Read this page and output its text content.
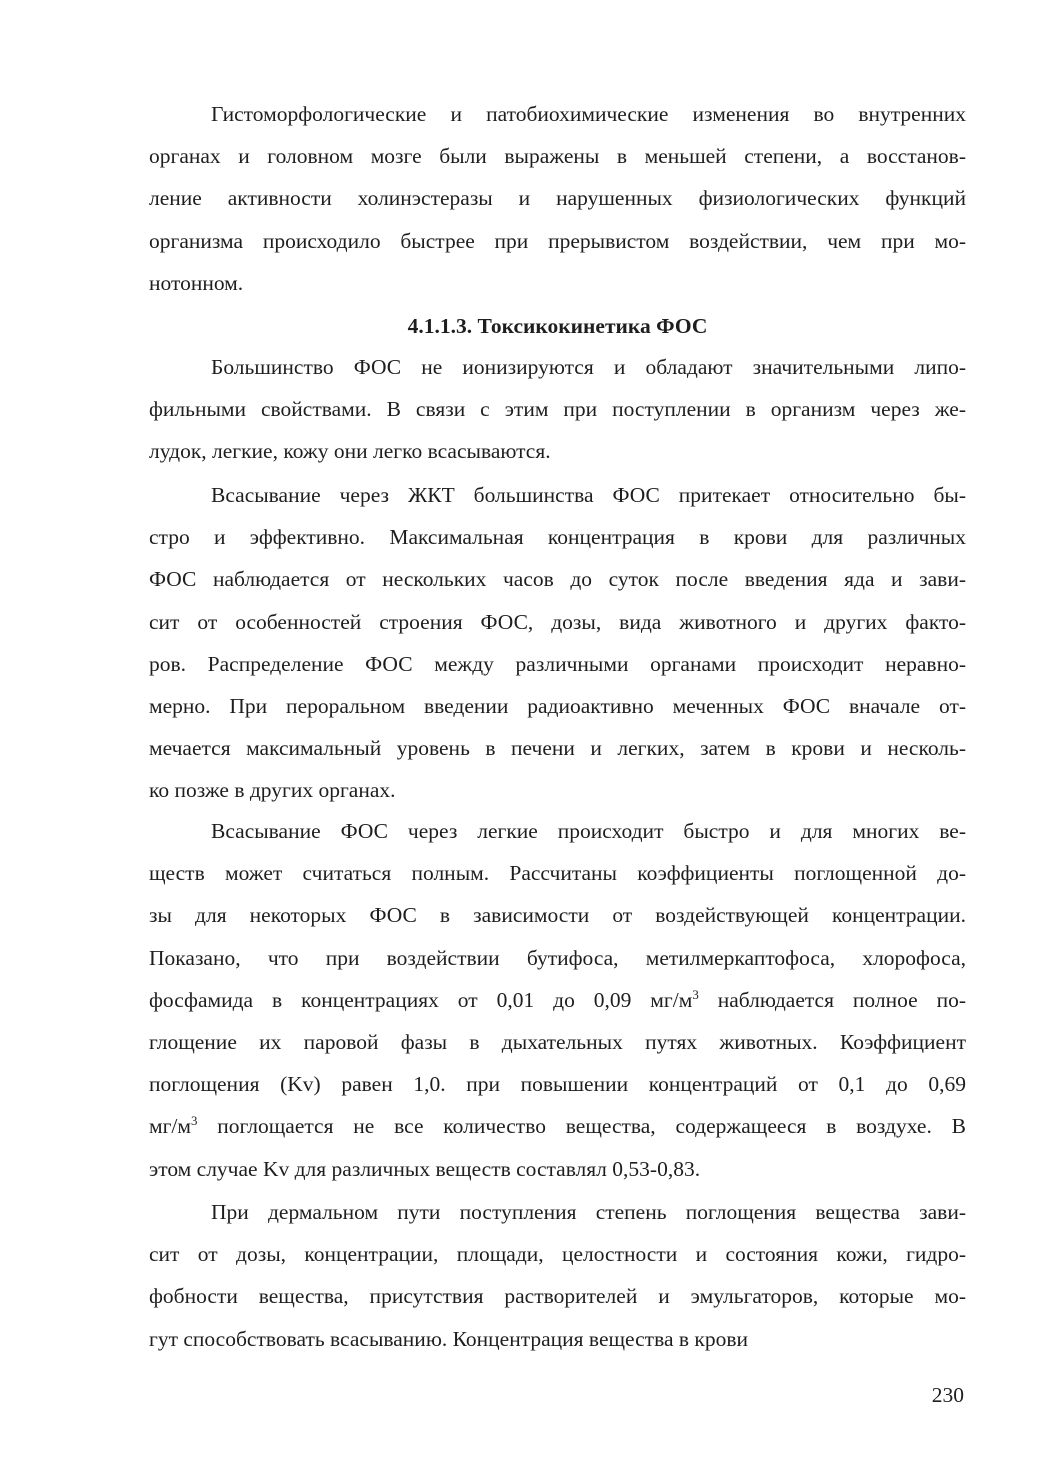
Гистоморфологические и патобиохимические изменения во внутренних
органах и головном мозге были выражены в меньшей степени, а восстанов-
ление активности холинэстеразы и нарушенных физиологических функций
организма происходило быстрее при прерывистом воздействии, чем при мо-
нотонном.
4.1.1.3. Токсикокинетика ФОС
Большинство ФОС не ионизируются и обладают значительными липо-
фильными свойствами. В связи с этим при поступлении в организм через же-
лудок, легкие, кожу они легко всасываются.
Всасывание через ЖКТ большинства ФОС притекает относительно бы-
стро и эффективно. Максимальная концентрация в крови для различных
ФОС наблюдается от нескольких часов до суток после введения яда и зави-
сит от особенностей строения ФОС, дозы, вида животного и других факто-
ров. Распределение ФОС между различными органами происходит неравно-
мерно. При пероральном введении радиоактивно меченных ФОС вначале от-
мечается максимальный уровень в печени и легких, затем в крови и несколь-
ко позже в других органах.
Всасывание ФОС через легкие происходит быстро и для многих ве-
ществ может считаться полным. Рассчитаны коэффициенты поглощенной до-
зы для некоторых ФОС в зависимости от воздействующей концентрации.
Показано, что при воздействии бутифоса, метилмеркаптофоса, хлорофоса,
фосфамида в концентрациях от 0,01 до 0,09 $мг/м^3$ наблюдается полное по-
глощение их паровой фазы в дыхательных путях животных. Коэффициент
поглощения (Kv) равен 1,0. при повышении концентраций от 0,1 до 0,69
$мг/м^3$ поглощается не все количество вещества, содержащееся в воздухе. В
этом случае Kv для различных веществ составлял 0,53-0,83.
При дермальном пути поступления степень поглощения вещества зави-
сит от дозы, концентрации, площади, целостности и состояния кожи, гидро-
фобности вещества, присутствия растворителей и эмульгаторов, которые мо-
гут способствовать всасыванию. Концентрация вещества в крови
230
